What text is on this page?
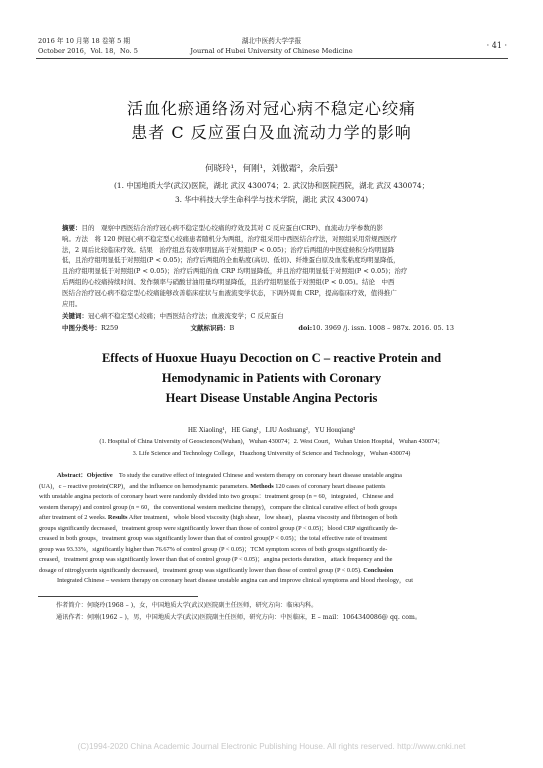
2016 年 10 月第 18 卷第 5 期
October 2016，Vol. 18，No. 5
湖北中医药大学学报
Journal of Hubei University of Chinese Medicine
· 41 ·
活血化瘀通络汤对冠心病不稳定心绞痛
患者 C 反应蛋白及血流动力学的影响
何晓玲¹，何刚¹，刘傲霜²，余后强³
(1. 中国地质大学(武汉)医院，湖北 武汉 430074；2. 武汉协和医院西院，湖北 武汉 430074；
3. 华中科技大学生命科学与技术学院，湖北 武汉 430074)
摘要：目的　观察中西医结合治疗冠心病不稳定型心绞痛的疗效及其对 C 反应蛋白(CRP)、血流动力学参数的影
响。方法　将 120 例冠心病不稳定型心绞痛患者随机分为两组，治疗组采用中西医结合疗法，对照组采用常规西医疗
法，2 周后比较临床疗效。结果　治疗组总有效率明显高于对照组(P < 0.05)；治疗后两组的中医症候积分均明显降
低，且治疗组明显低于对照组(P < 0.05)；治疗后两组的全血粘度(高切、低切)、纤维蛋白原及血浆粘度均明显降低，
且治疗组明显低于对照组(P < 0.05)；治疗后两组的血 CRP 均明显降低，并且治疗组明显低于对照组(P < 0.05)；治疗
后两组的心绞痛持续时间、发作频率与硝酸甘油用量均明显降低，且治疗组明显低于对照组(P < 0.05)。结论　中西
医结合治疗冠心病不稳定型心绞痛能够改善临床症状与血液流变学状态，下调外周血 CRP，提高临床疗效，值得推广
应用。
关键词：冠心病不稳定型心绞痛；中西医结合疗法；血液流变学；C 反应蛋白
中图分类号：R259	文献标识码：B	doi:10. 3969 /j. issn. 1008 – 987x. 2016. 05. 13
Effects of Huoxue Huayu Decoction on C – reactive Protein and
Hemodynamic in Patients with Coronary
Heart Disease Unstable Angina Pectoris
HE Xiaoling¹，HE Gang¹，LIU Aoshuang²，YU Houqiang³
(1. Hospital of China University of Geosciences(Wuhan)，Wuhan 430074；2. West Court，Wuhan Union Hospital，Wuhan 430074；
3. Life Science and Technology College，Huazhong University of Science and Technology，Wuhan 430074)
Abstract：Objective　 To study the curative effect of integrated Chinese and western therapy on coronary heart disease unstable angina
(UA)，c – reactive protein(CRP)，and the influence on hemodynamic parameters. Methods 120 cases of coronary heart disease patients
with unstable angina pectoris of coronary heart were randomly divided into two groups：treatment group (n = 60，integrated，Chinese and
western therapy) and control group (n = 60，the conventional western medicine therapy)，compare the clinical curative effect of both groups
after treatment of 2 weeks. Results After treatment，whole blood viscosity (high shear，low shear)，plasma viscosity and fibrinogen of both
groups significantly decreased，treatment group were significantly lower than those of control group (P < 0.05)；blood CRP significantly de-
creased in both groups，treatment group was significantly lower than that of control group(P < 0.05)；the total effective rate of treatment
group was 93.33%，significantly higher than 76.67% of control group (P < 0.05)；TCM symptom scores of both groups significantly de-
creased，treatment group was significantly lower than that of control group (P < 0.05)；angina pectoris duration，attack frequency and the
dosage of nitroglycerin significantly decreased，treatment group was significantly lower than those of control group (P < 0.05). Conclusion
Integrated Chinese – western therapy on coronary heart disease unstable angina can and improve clinical symptoms and blood rheology，cut
作者简介：何晓玲(1968 – )，女，中国地质大学(武汉)医院副主任医师，研究方向：临床内科。
通讯作者：何刚(1962 – )，男，中国地质大学(武汉)医院副主任医师，研究方向：中医临床，E – mail：1064340086@ qq. com。
(C)1994-2020 China Academic Journal Electronic Publishing House. All rights reserved. http://www.cnki.net
